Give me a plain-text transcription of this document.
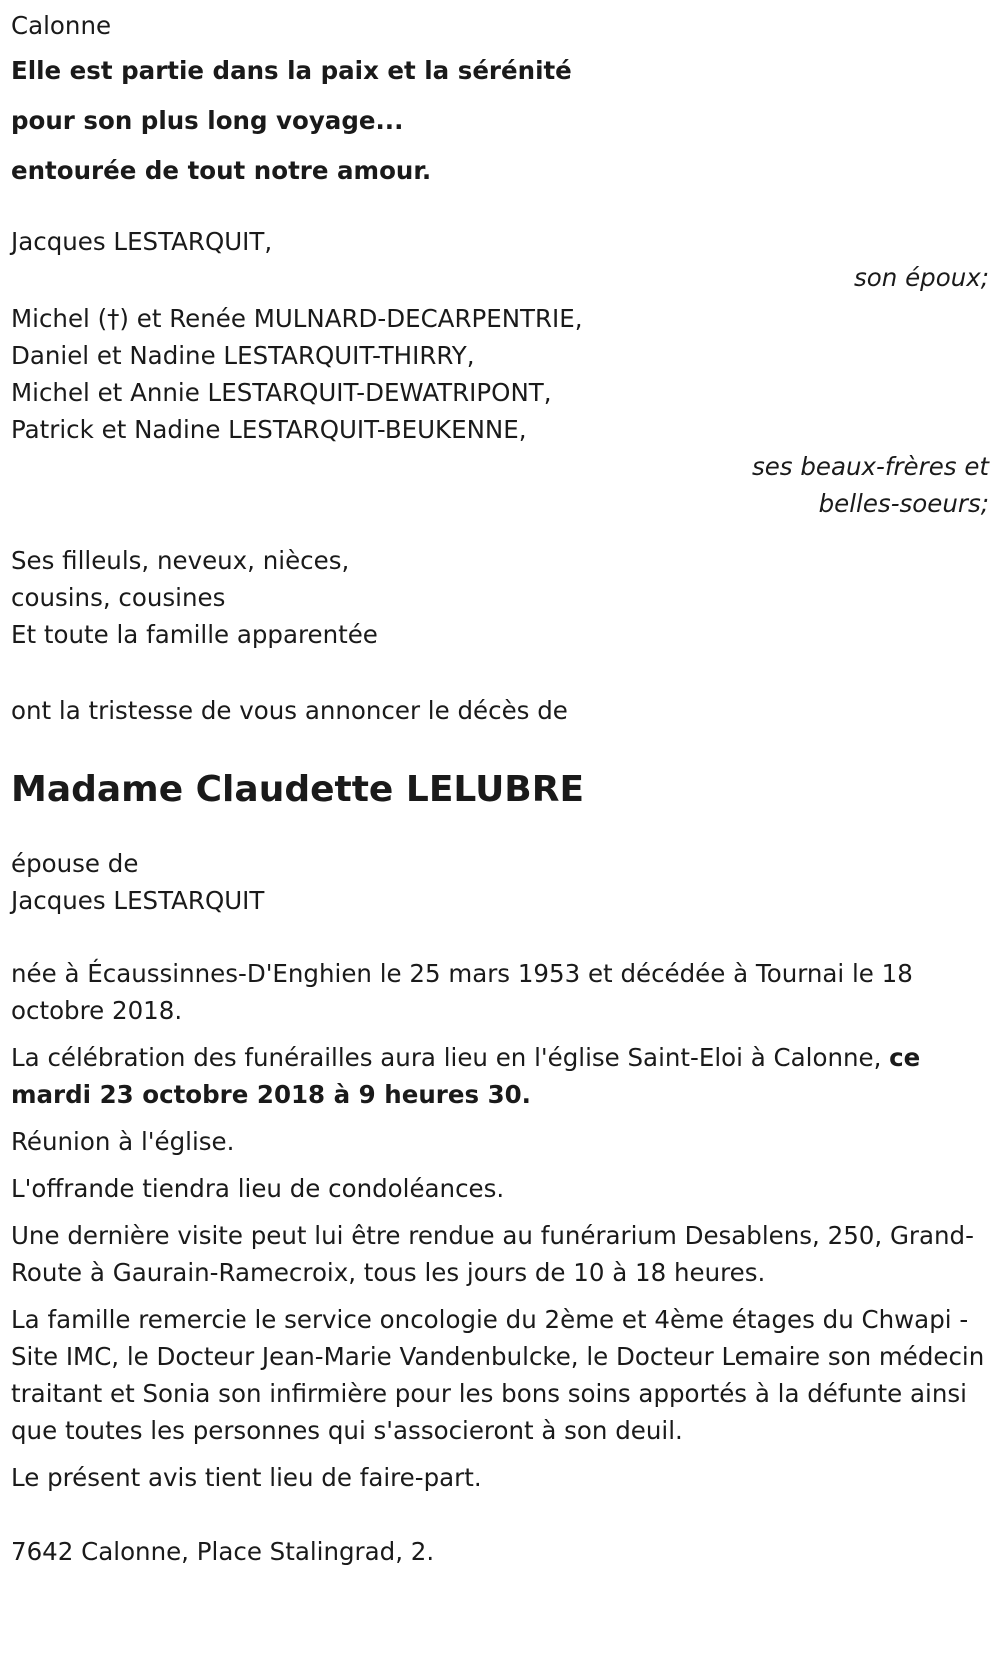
Calonne
Elle est partie dans la paix et la sérénité
pour son plus long voyage...
entourée de tout notre amour.
Jacques LESTARQUIT,
son époux;
Michel (†) et Renée MULNARD-DECARPENTRIE,
Daniel et Nadine LESTARQUIT-THIRRY,
Michel et Annie LESTARQUIT-DEWATRIPONT,
Patrick et Nadine LESTARQUIT-BEUKENNE,
ses beaux-frères et
belles-soeurs;
Ses filleuls, neveux, nièces,
cousins, cousines
Et toute la famille apparentée
ont la tristesse de vous annoncer le décès de
Madame Claudette LELUBRE
épouse de
Jacques LESTARQUIT

née à Écaussinnes-D'Enghien le 25 mars 1953 et décédée à Tournai le 18 octobre 2018.

La célébration des funérailles aura lieu en l'église Saint-Eloi à Calonne, ce mardi 23 octobre 2018 à 9 heures 30.

Réunion à l'église.

L'offrande tiendra lieu de condoléances.

Une dernière visite peut lui être rendue au funérarium Desablens, 250, Grand-Route à Gaurain-Ramecroix, tous les jours de 10 à 18 heures.

La famille remercie le service oncologie du 2ème et 4ème étages du Chwapi - Site IMC, le Docteur Jean-Marie Vandenbulcke, le Docteur Lemaire son médecin traitant et Sonia son infirmière pour les bons soins apportés à la défunte ainsi que toutes les personnes qui s'associeront à son deuil.

Le présent avis tient lieu de faire-part.

7642 Calonne, Place Stalingrad, 2.
